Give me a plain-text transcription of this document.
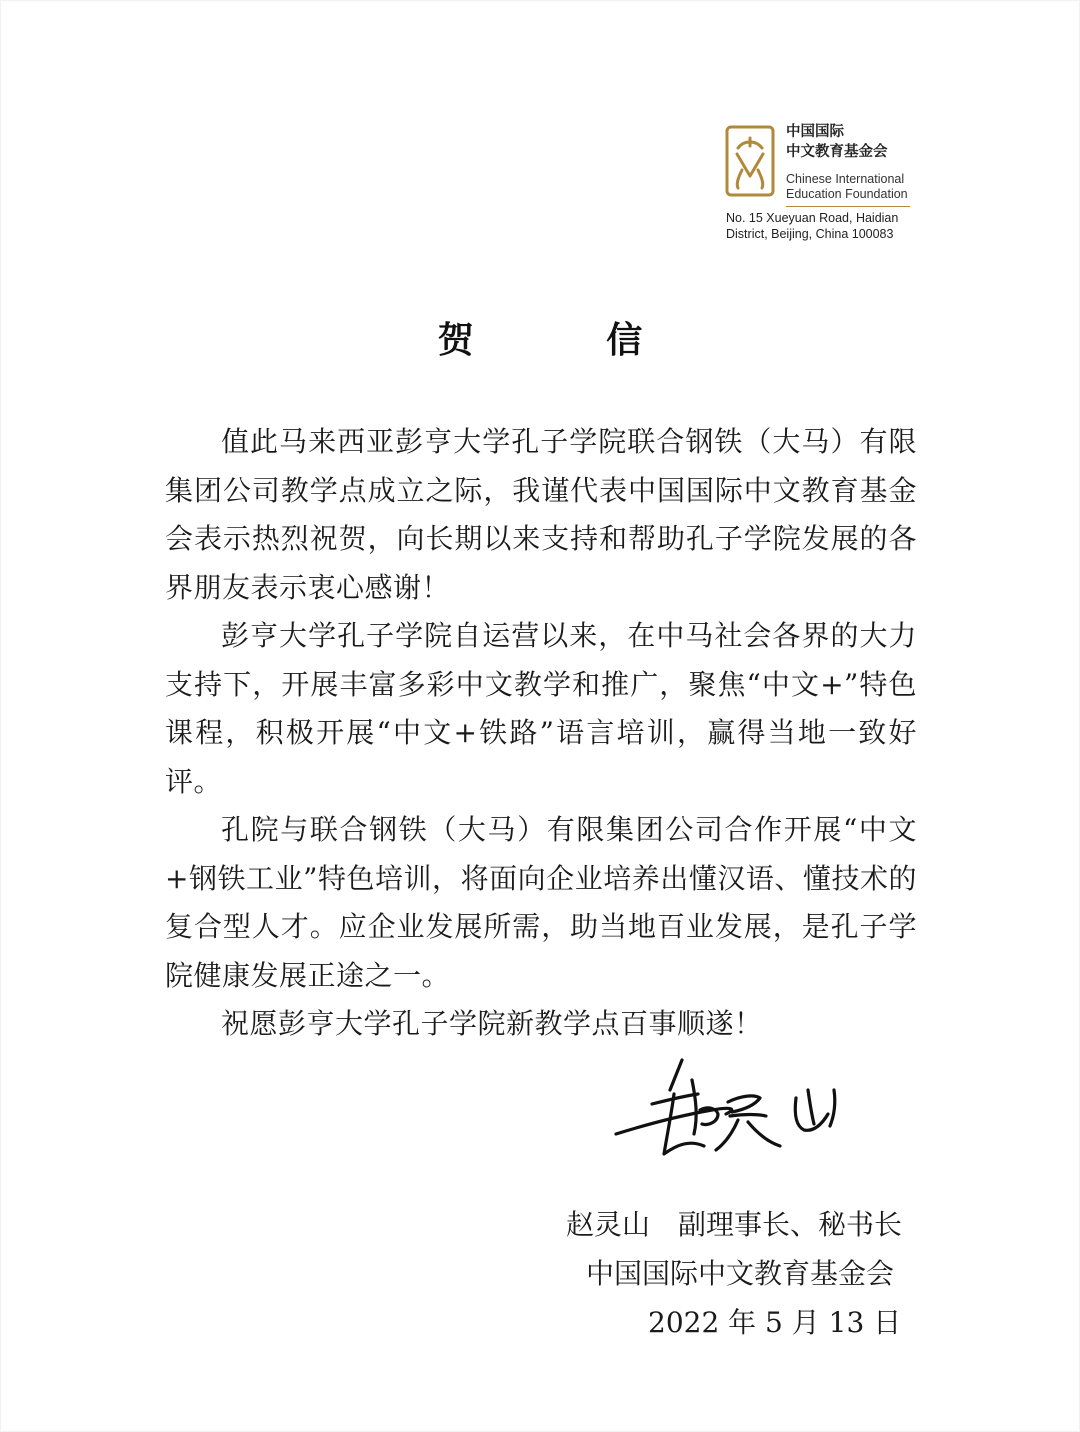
中国国际
中文教育基金会
Chinese International
Education Foundation
No. 15 Xueyuan Road, Haidian
District, Beijing, China 100083
贺 信

值此马来西亚彭亨大学孔子学院联合钢铁（大马）有限集团公司教学点成立之际，我谨代表中国国际中文教育基金会表示热烈祝贺，向长期以来支持和帮助孔子学院发展的各界朋友表示衷心感谢！

彭亨大学孔子学院自运营以来，在中马社会各界的大力支持下，开展丰富多彩中文教学和推广，聚焦“中文+”特色课程，积极开展“中文+铁路”语言培训，赢得当地一致好评。

孔院与联合钢铁（大马）有限集团公司合作开展“中文+钢铁工业”特色培训，将面向企业培养出懂汉语、懂技术的复合型人才。应企业发展所需，助当地百业发展，是孔子学院健康发展正途之一。

祝愿彭亨大学孔子学院新教学点百事顺遂！

赵灵山　副理事长、秘书长
中国国际中文教育基金会
2022 年 5 月 13 日
